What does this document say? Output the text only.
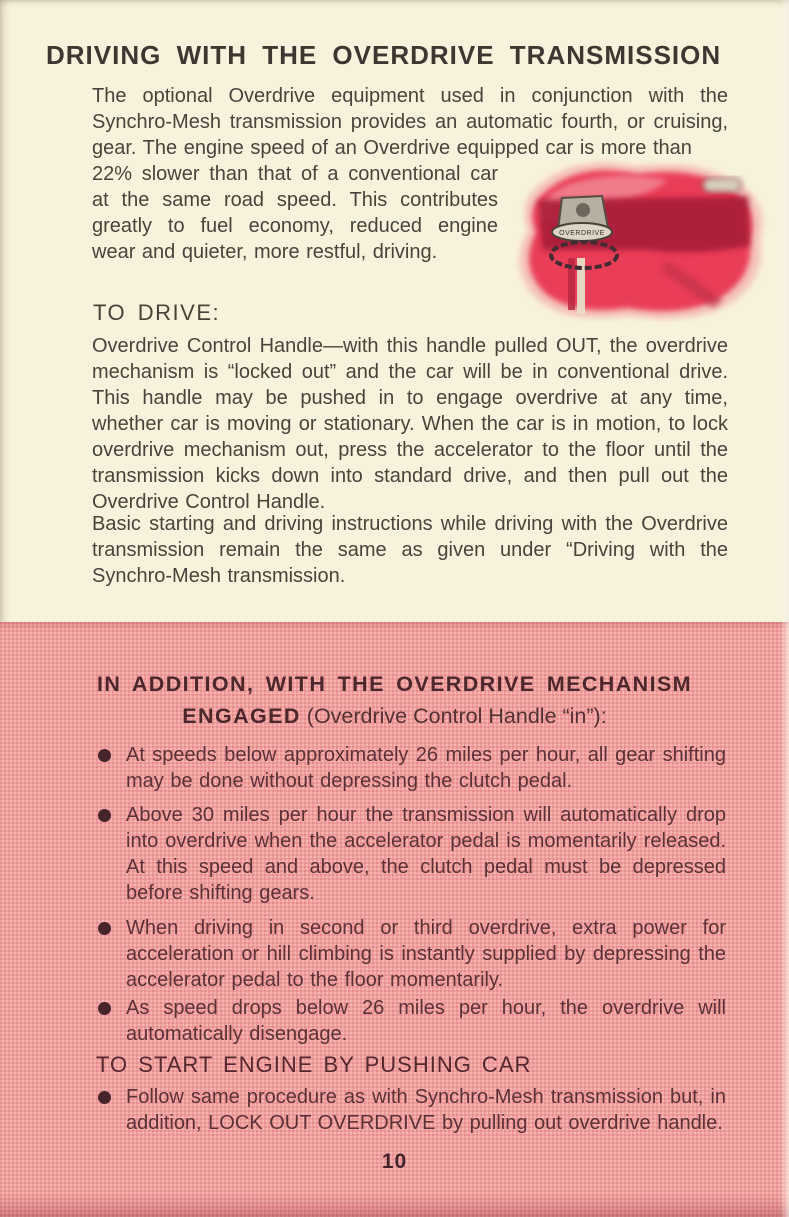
DRIVING WITH THE OVERDRIVE TRANSMISSION
The optional Overdrive equipment used in conjunction with the Synchro-Mesh transmission provides an automatic fourth, or cruising, gear. The engine speed of an Overdrive equipped car is more than
22% slower than that of a conventional car at the same road speed. This contributes greatly to fuel economy, reduced engine wear and quieter, more restful, driving.
OVERDRIVE
TO DRIVE:
Overdrive Control Handle—with this handle pulled OUT, the overdrive mechanism is “locked out” and the car will be in conventional drive. This handle may be pushed in to engage overdrive at any time, whether car is moving or stationary. When the car is in motion, to lock overdrive mechanism out, press the accelerator to the floor until the transmission kicks down into standard drive, and then pull out the Overdrive Control Handle.
Basic starting and driving instructions while driving with the Overdrive transmission remain the same as given under “Driving with the Synchro-Mesh transmission.
IN ADDITION, WITH THE OVERDRIVE MECHANISM
ENGAGED (Overdrive Control Handle “in”):
At speeds below approximately 26 miles per hour, all gear shifting may be done without depressing the clutch pedal.
Above 30 miles per hour the transmission will automatically drop into overdrive when the accelerator pedal is momentarily released. At this speed and above, the clutch pedal must be depressed before shifting gears.
When driving in second or third overdrive, extra power for acceleration or hill climbing is instantly supplied by depressing the accelerator pedal to the floor momentarily.
As speed drops below 26 miles per hour, the overdrive will automatically disengage.
TO START ENGINE BY PUSHING CAR
Follow same procedure as with Synchro-Mesh transmission but, in addition, LOCK OUT OVERDRIVE by pulling out overdrive handle.
10
